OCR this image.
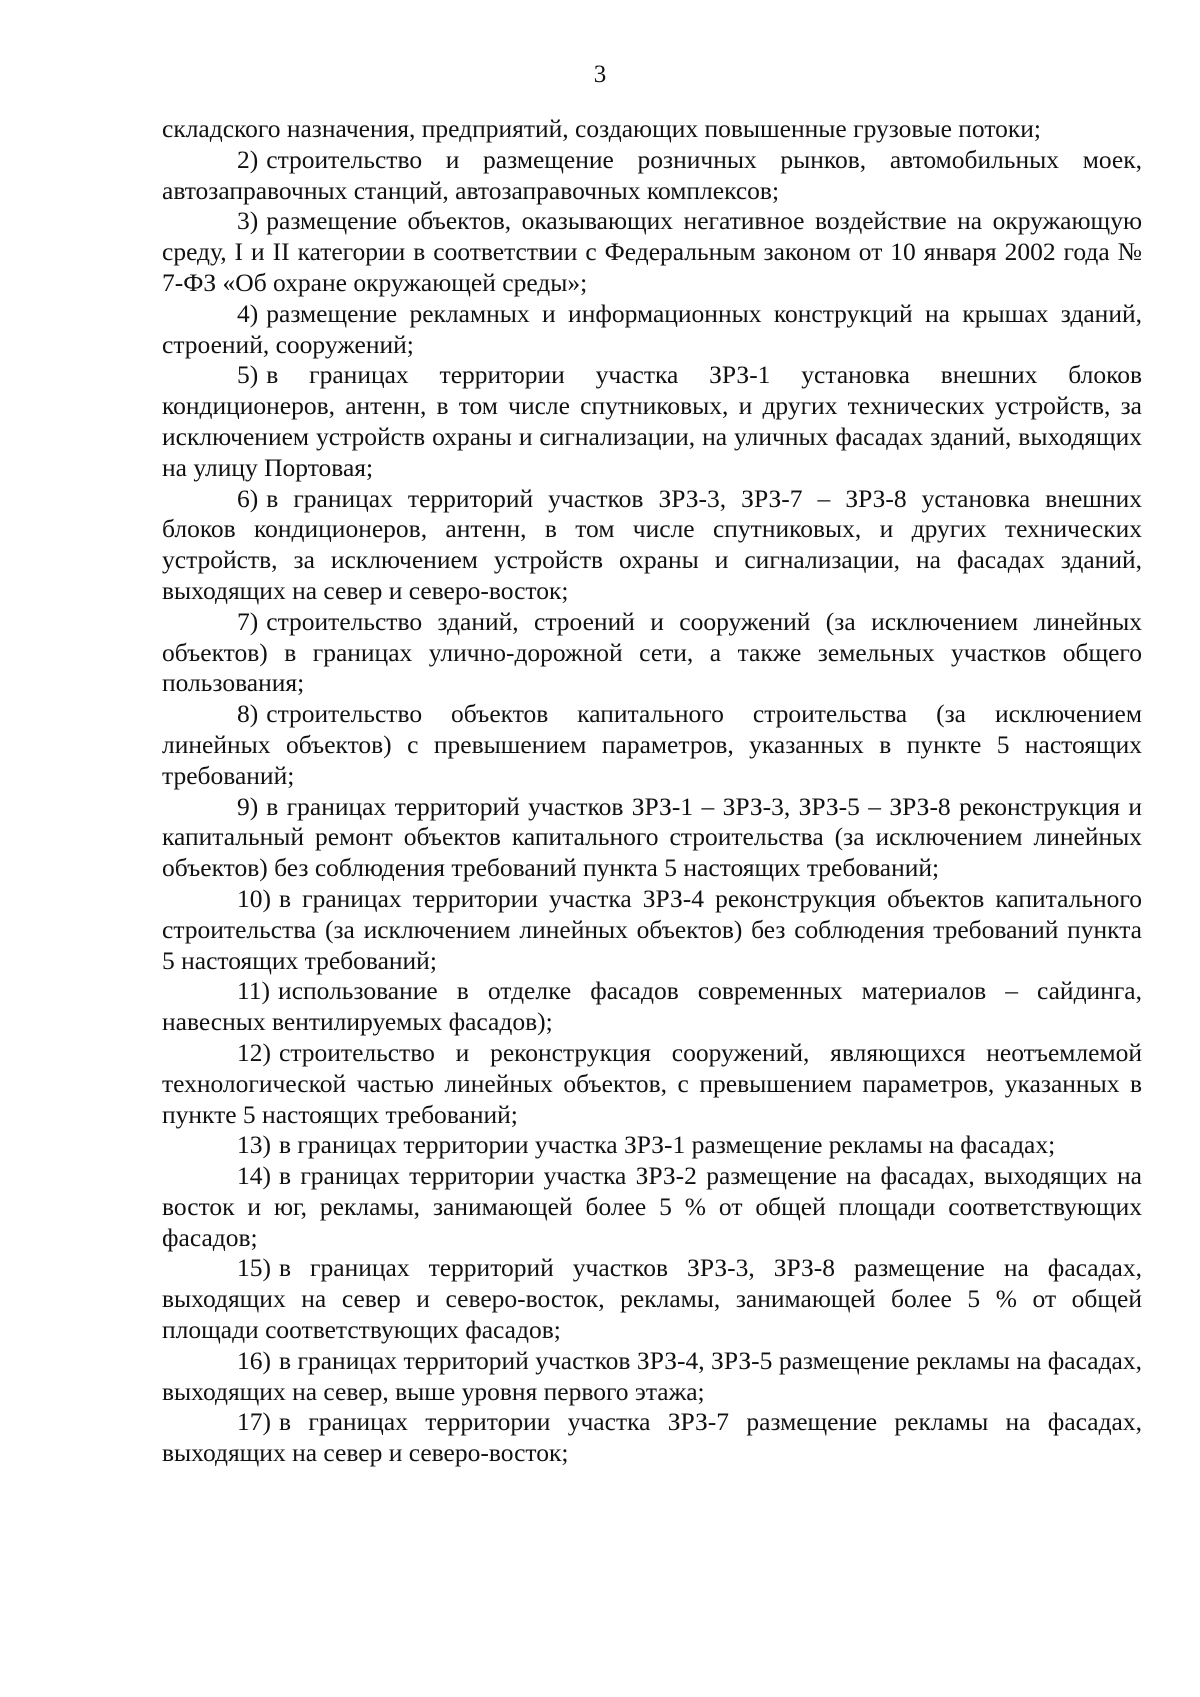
3

складского назначения, предприятий, создающих повышенные грузовые потоки;

2) строительство и размещение розничных рынков, автомобильных моек, автозаправочных станций, автозаправочных комплексов;

3) размещение объектов, оказывающих негативное воздействие на окружающую среду, I и II категории в соответствии с Федеральным законом от 10 января 2002 года № 7-ФЗ «Об охране окружающей среды»;

4) размещение рекламных и информационных конструкций на крышах зданий, строений, сооружений;

5) в границах территории участка ЗРЗ-1 установка внешних блоков кондиционеров, антенн, в том числе спутниковых, и других технических устройств, за исключением устройств охраны и сигнализации, на уличных фасадах зданий, выходящих на улицу Портовая;

6) в границах территорий участков ЗРЗ-3, ЗРЗ-7 – ЗРЗ-8 установка внешних блоков кондиционеров, антенн, в том числе спутниковых, и других технических устройств, за исключением устройств охраны и сигнализации, на фасадах зданий, выходящих на север и северо-восток;

7) строительство зданий, строений и сооружений (за исключением линейных объектов) в границах улично-дорожной сети, а также земельных участков общего пользования;

8) строительство объектов капитального строительства (за исключением линейных объектов) с превышением параметров, указанных в пункте 5 настоящих требований;

9) в границах территорий участков ЗРЗ-1 – ЗРЗ-3, ЗРЗ-5 – ЗРЗ-8 реконструкция и капитальный ремонт объектов капитального строительства (за исключением линейных объектов) без соблюдения требований пункта 5 настоящих требований;

10) в границах территории участка ЗРЗ-4 реконструкция объектов капитального строительства (за исключением линейных объектов) без соблюдения требований пункта 5 настоящих требований;

11) использование в отделке фасадов современных материалов – сайдинга, навесных вентилируемых фасадов);

12) строительство и реконструкция сооружений, являющихся неотъемлемой технологической частью линейных объектов, с превышением параметров, указанных в пункте 5 настоящих требований;

13) в границах территории участка ЗРЗ-1 размещение рекламы на фасадах;

14) в границах территории участка ЗРЗ-2 размещение на фасадах, выходящих на восток и юг, рекламы, занимающей более 5 % от общей площади соответствующих фасадов;

15) в границах территорий участков ЗРЗ-3, ЗРЗ-8 размещение на фасадах, выходящих на север и северо-восток, рекламы, занимающей более 5 % от общей площади соответствующих фасадов;

16) в границах территорий участков ЗРЗ-4, ЗРЗ-5 размещение рекламы на фасадах, выходящих на север, выше уровня первого этажа;

17) в границах территории участка ЗРЗ-7 размещение рекламы на фасадах, выходящих на север и северо-восток;
